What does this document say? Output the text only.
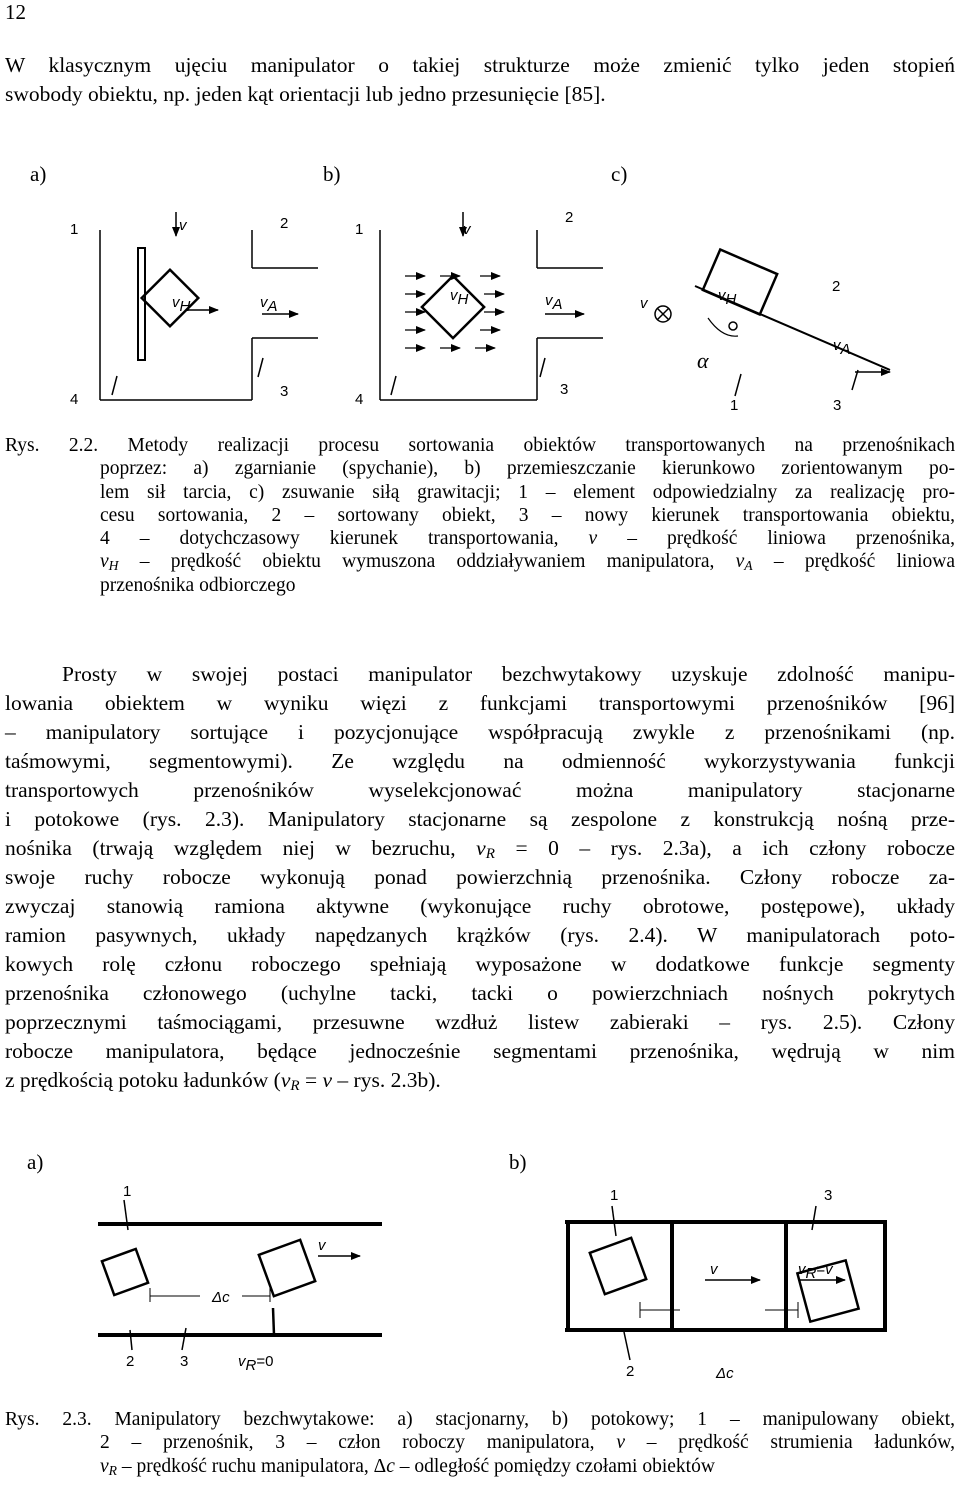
12
W klasycznym ujęciu manipulator o takiej strukturze może zmienić tylko jeden stopień
swobody obiektu, np. jeden kąt orientacji lub jedno przesunięcie [85].
a)	b)	c)
1	2
v
vH	vA
4	3
1
2
v
vH	vA
4
3
v	vH
2
vA
α
1	3
Rys. 2.2. Metody realizacji procesu sortowania obiektów transportowanych na przenośnikach
poprzez: a) zgarnianie (spychanie), b) przemieszczanie kierunkowo zorientowanym po-
lem sił tarcia, c) zsuwanie siłą grawitacji; 1 – element odpowiedzialny za realizację pro-
cesu sortowania, 2 – sortowany obiekt, 3 – nowy kierunek transportowania obiektu,
4 – dotychczasowy kierunek transportowania, v – prędkość liniowa przenośnika,
$v_H$ – prędkość obiektu wymuszona oddziaływaniem manipulatora, $v_A$ – prędkość liniowa
przenośnika odbiorczego
Prosty w swojej postaci manipulator bezchwytakowy uzyskuje zdolność manipu-
lowania obiektem w wyniku więzi z funkcjami transportowymi przenośników [96]
– manipulatory sortujące i pozycjonujące współpracują zwykle z przenośnikami (np.
taśmowymi, segmentowymi). Ze względu na odmienność wykorzystywania funkcji
transportowych przenośników wyselekcjonować można manipulatory stacjonarne
i potokowe (rys. 2.3). Manipulatory stacjonarne są zespolone z konstrukcją nośną prze-
nośnika (trwają względem niej w bezruchu, $v_R = 0$ – rys. 2.3a), a ich człony robocze
swoje ruchy robocze wykonują ponad powierzchnią przenośnika. Człony robocze za-
zwyczaj stanowią ramiona aktywne (wykonujące ruchy obrotowe, postępowe), układy
ramion pasywnych, układy napędzanych krążków (rys. 2.4). W manipulatorach poto-
kowych rolę członu roboczego spełniają wyposażone w dodatkowe funkcje segmenty
przenośnika członowego (uchylne tacki, tacki o powierzchniach nośnych pokrytych
poprzecznymi taśmociągami, przesuwne wzdłuż listew zabieraki – rys. 2.5). Człony
robocze manipulatora, będące jednocześnie segmentami przenośnika, wędrują w nim
z prędkością potoku ładunków ($v_R = v$ – rys. 2.3b).
a)	b)
1
v
Δc
2	3	vR=0
1	3
v	vR=v
2	Δc
Rys. 2.3. Manipulatory bezchwytakowe: a) stacjonarny, b) potokowy; 1 – manipulowany obiekt,
2 – przenośnik, 3 – człon roboczy manipulatora, v – prędkość strumienia ładunków,
$v_R$ – prędkość ruchu manipulatora, Δc – odległość pomiędzy czołami obiektów
